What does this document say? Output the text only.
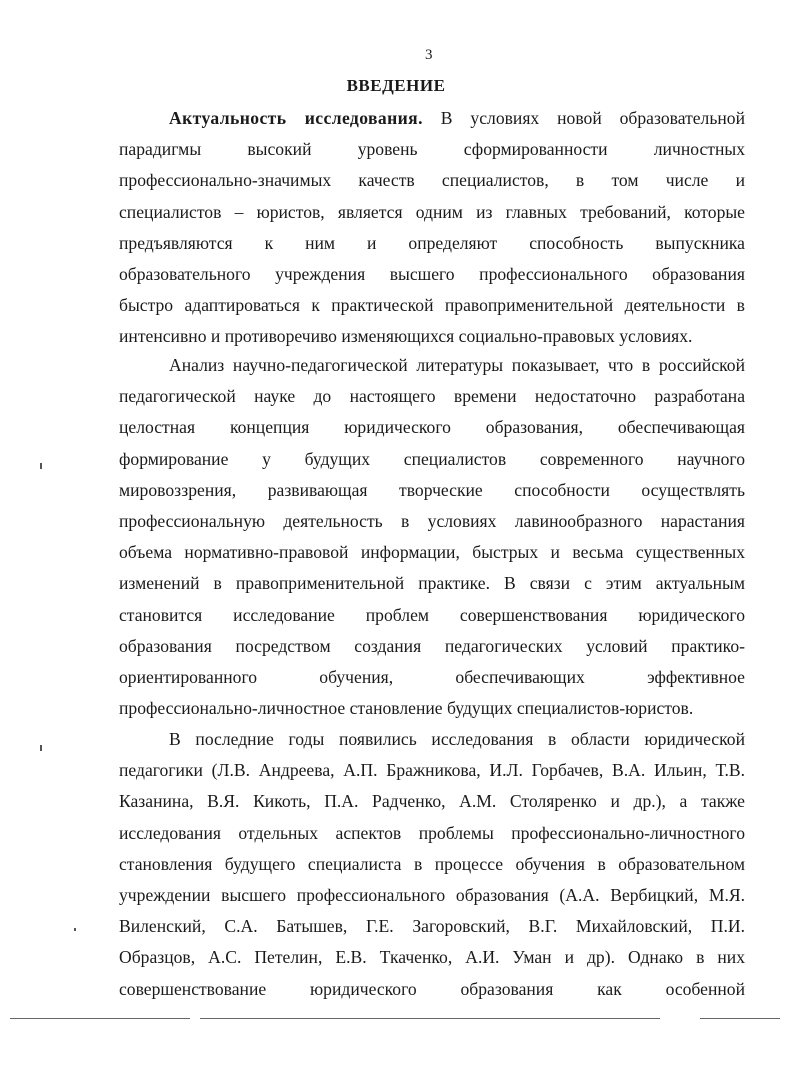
3
ВВЕДЕНИЕ
Актуальность исследования. В условиях новой образовательной
парадигмы высокий уровень сформированности личностных
профессионально-значимых качеств специалистов, в том числе и
специалистов – юристов, является одним из главных требований, которые
предъявляются к ним и определяют способность выпускника
образовательного учреждения высшего профессионального образования
быстро адаптироваться к практической правоприменительной деятельности в
интенсивно и противоречиво изменяющихся социально-правовых условиях.
Анализ научно-педагогической литературы показывает, что в российской
педагогической науке до настоящего времени недостаточно разработана
целостная концепция юридического образования, обеспечивающая
формирование у будущих специалистов современного научного
мировоззрения, развивающая творческие способности осуществлять
профессиональную деятельность в условиях лавинообразного нарастания
объема нормативно-правовой информации, быстрых и весьма существенных
изменений в правоприменительной практике. В связи с этим актуальным
становится исследование проблем совершенствования юридического
образования посредством создания педагогических условий практико-
ориентированного обучения, обеспечивающих эффективное
профессионально-личностное становление будущих специалистов-юристов.
В последние годы появились исследования в области юридической
педагогики (Л.В. Андреева, А.П. Бражникова, И.Л. Горбачев, В.А. Ильин, Т.В.
Казанина, В.Я. Кикоть, П.А. Радченко, А.М. Столяренко и др.), а также
исследования отдельных аспектов проблемы профессионально-личностного
становления будущего специалиста в процессе обучения в образовательном
учреждении высшего профессионального образования (А.А. Вербицкий, М.Я.
Виленский, С.А. Батышев, Г.Е. Загоровский, В.Г. Михайловский, П.И.
Образцов, А.С. Петелин, Е.В. Ткаченко, А.И. Уман и др). Однако в них
совершенствование юридического образования как особенной
